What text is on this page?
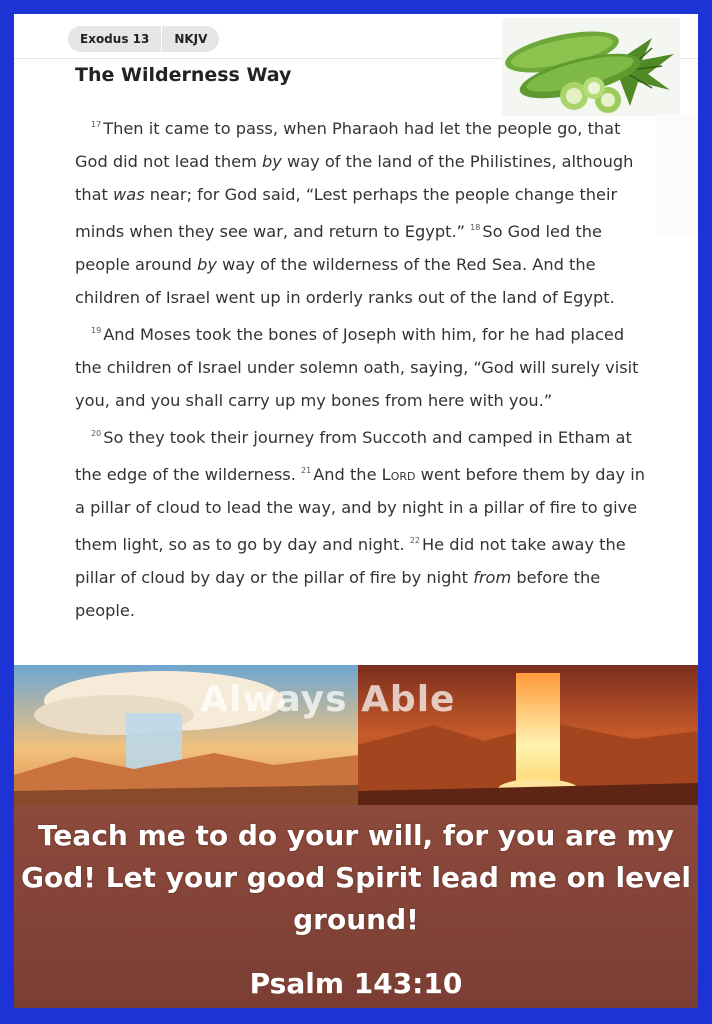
Exodus 13	NKJV
The Wilderness Way

$^{17}$ Then it came to pass, when Pharaoh had let the people go, that God did not lead them by way of the land of the Philistines, although that was near; for God said, “Lest perhaps the people change their minds when they see war, and return to Egypt.” $^{18}$ So God led the people around by way of the wilderness of the Red Sea. And the children of Israel went up in orderly ranks out of the land of Egypt.

$^{19}$ And Moses took the bones of Joseph with him, for he had placed the children of Israel under solemn oath, saying, “God will surely visit you, and you shall carry up my bones from here with you.”

$^{20}$ So they took their journey from Succoth and camped in Etham at the edge of the wilderness. $^{21}$ And the Lord went before them by day in a pillar of cloud to lead the way, and by night in a pillar of fire to give them light, so as to go by day and night. $^{22}$ He did not take away the pillar of cloud by day or the pillar of fire by night from before the people.

Always Able
Teach me to do your will, for you are my God! Let your good Spirit lead me on level ground!
Psalm 143:10
